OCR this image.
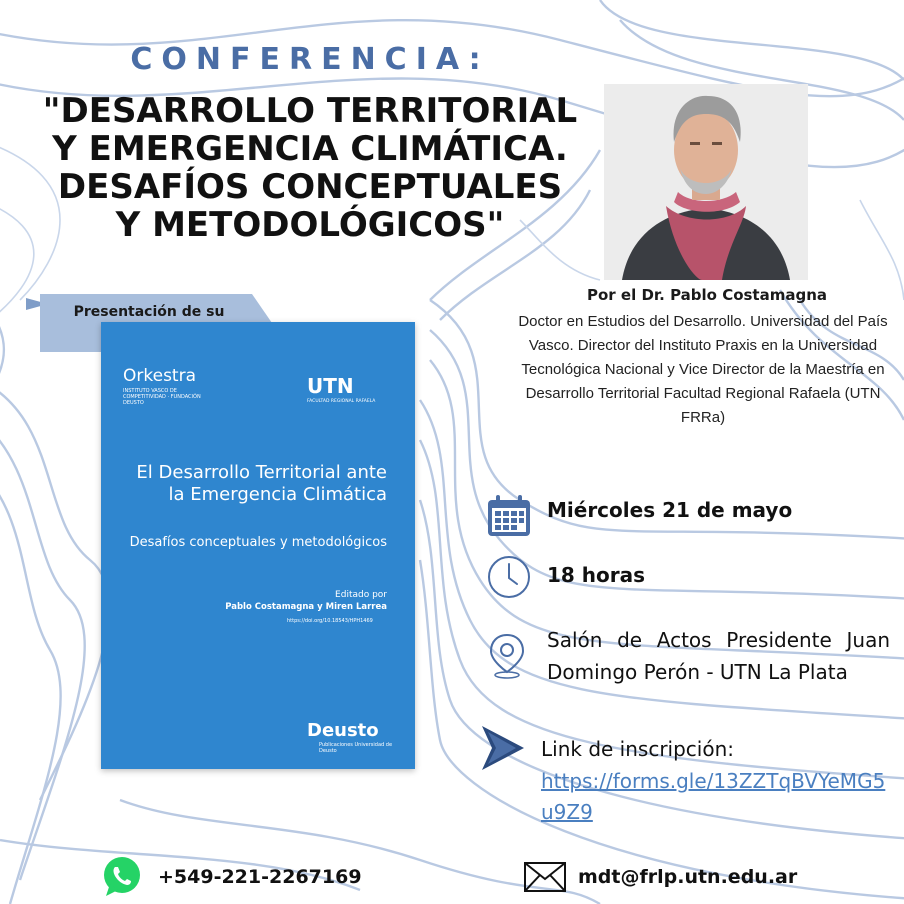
CONFERENCIA:
"DESARROLLO TERRITORIAL
Y EMERGENCIA CLIMÁTICA.
DESAFÍOS CONCEPTUALES
Y METODOLÓGICOS"
Por el Dr. Pablo Costamagna
Doctor en Estudios del Desarrollo. Universidad del País Vasco. Director del Instituto Praxis en la Universidad Tecnológica Nacional y Vice Director de la Maestría en Desarrollo Territorial Facultad Regional Rafaela (UTN FRRa)
Presentación de su
Orkestra
INSTITUTO VASCO DE COMPETITIVIDAD · FUNDACIÓN DEUSTO
UTN
FACULTAD REGIONAL RAFAELA
El Desarrollo Territorial ante la Emergencia Climática
Desafíos conceptuales y metodológicos
Editado por
Pablo Costamagna y Miren Larrea
https://doi.org/10.18543/HPH1469
Deusto
Publicaciones Universidad de Deusto
Miércoles 21 de mayo
18 horas
Salón de Actos Presidente Juan Domingo Perón - UTN La Plata
Link de inscripción:
https://forms.gle/13ZZTqBVYeMG5u9Z9
+549-221-2267169	mdt@frlp.utn.edu.ar
